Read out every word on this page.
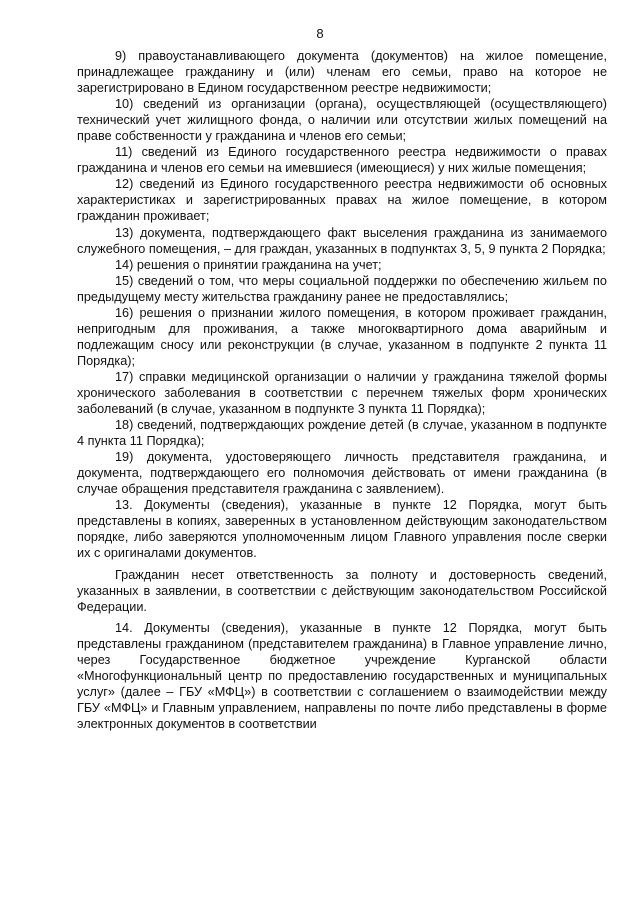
8

9) правоустанавливающего документа (документов) на жилое помещение, принадлежащее гражданину и (или) членам его семьи, право на которое не зарегистрировано в Едином государственном реестре недвижимости;

10) сведений из организации (органа), осуществляющей (осуществляющего) технический учет жилищного фонда, о наличии или отсутствии жилых помещений на праве собственности у гражданина и членов его семьи;

11) сведений из Единого государственного реестра недвижимости о правах гражданина и членов его семьи на имевшиеся (имеющиеся) у них жилые помещения;

12) сведений из Единого государственного реестра недвижимости об основных характеристиках и зарегистрированных правах на жилое помещение, в котором гражданин проживает;

13) документа, подтверждающего факт выселения гражданина из занимаемого служебного помещения, – для граждан, указанных в подпунктах 3, 5, 9 пункта 2 Порядка;

14) решения о принятии гражданина на учет;

15) сведений о том, что меры социальной поддержки по обеспечению жильем по предыдущему месту жительства гражданину ранее не предоставлялись;

16) решения о признании жилого помещения, в котором проживает гражданин, непригодным для проживания, а также многоквартирного дома аварийным и подлежащим сносу или реконструкции (в случае, указанном в подпункте 2 пункта 11 Порядка);

17) справки медицинской организации о наличии у гражданина тяжелой формы хронического заболевания в соответствии с перечнем тяжелых форм хронических заболеваний (в случае, указанном в подпункте 3 пункта 11 Порядка);

18) сведений, подтверждающих рождение детей (в случае, указанном в подпункте 4 пункта 11 Порядка);

19) документа, удостоверяющего личность представителя гражданина, и документа, подтверждающего его полномочия действовать от имени гражданина (в случае обращения представителя гражданина с заявлением).

13. Документы (сведения), указанные в пункте 12 Порядка, могут быть представлены в копиях, заверенных в установленном действующим законодательством порядке, либо заверяются уполномоченным лицом Главного управления после сверки их с оригиналами документов.

Гражданин несет ответственность за полноту и достоверность сведений, указанных в заявлении, в соответствии с действующим законодательством Российской Федерации.

14. Документы (сведения), указанные в пункте 12 Порядка, могут быть представлены гражданином (представителем гражданина) в Главное управление лично, через Государственное бюджетное учреждение Курганской области «Многофункциональный центр по предоставлению государственных и муниципальных услуг» (далее – ГБУ «МФЦ») в соответствии с соглашением о взаимодействии между ГБУ «МФЦ» и Главным управлением, направлены по почте либо представлены в форме электронных документов в соответствии
